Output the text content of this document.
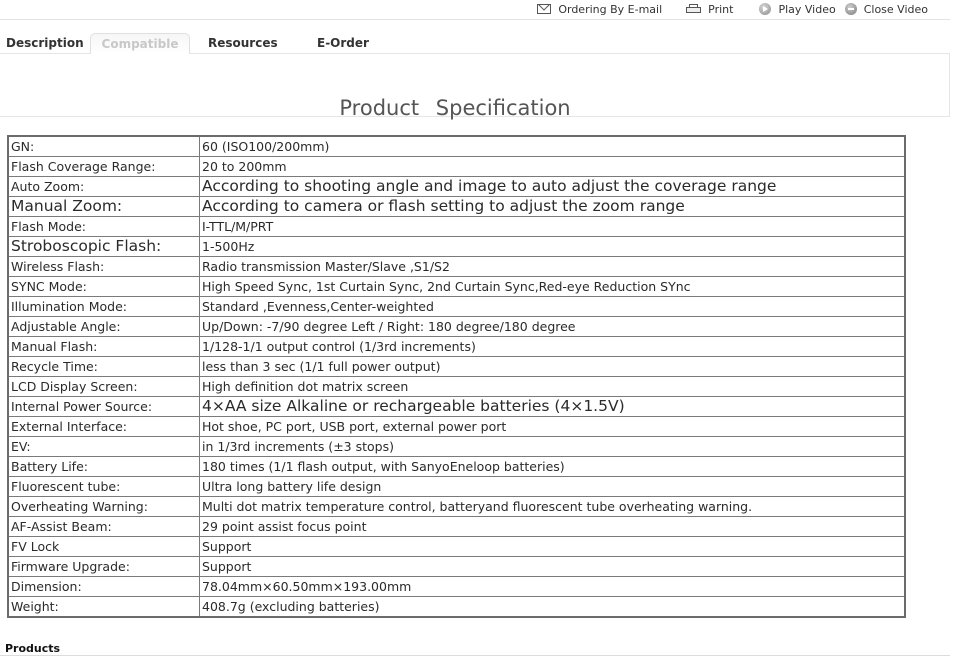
Ordering By E-mail	Print	Play Video	Close Video
Description	Compatible	Resources	E-Order
Product Specification
GN:	60 (ISO100/200mm)
Flash Coverage Range:	20 to 200mm
Auto Zoom:	According to shooting angle and image to auto adjust the coverage range
Manual Zoom:	According to camera or flash setting to adjust the zoom range
Flash Mode:	I-TTL/M/PRT
Stroboscopic Flash:	1-500Hz
Wireless Flash:	Radio transmission Master/Slave ,S1/S2
SYNC Mode:	High Speed Sync, 1st Curtain Sync, 2nd Curtain Sync,Red-eye Reduction SYnc
Illumination Mode:	Standard ,Evenness,Center-weighted
Adjustable Angle:	Up/Down: -7/90 degree Left / Right: 180 degree/180 degree
Manual Flash:	1/128-1/1 output control (1/3rd increments)
Recycle Time:	less than 3 sec (1/1 full power output)
LCD Display Screen:	High definition dot matrix screen
Internal Power Source:	4×AA size Alkaline or rechargeable batteries (4×1.5V)
External Interface:	Hot shoe, PC port, USB port, external power port
EV:	in 1/3rd increments (±3 stops)
Battery Life:	180 times (1/1 flash output, with SanyoEneloop batteries)
Fluorescent tube:	Ultra long battery life design
Overheating Warning:	Multi dot matrix temperature control, batteryand fluorescent tube overheating warning.
AF-Assist Beam:	29 point assist focus point
FV Lock	Support
Firmware Upgrade:	Support
Dimension:	78.04mm×60.50mm×193.00mm
Weight:	408.7g (excluding batteries)
Products
